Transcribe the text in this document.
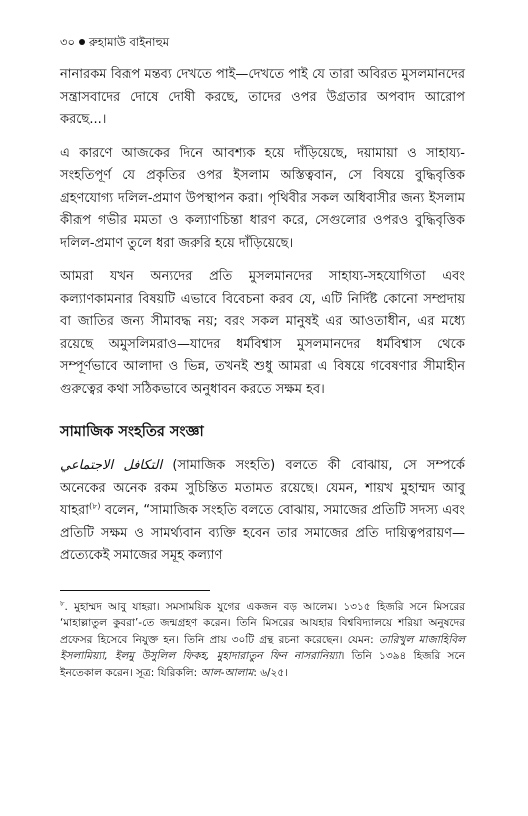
৩০ রুহামাউ বাইনাহুম

নানারকম বিরূপ মন্তব্য দেখতে পাই—দেখতে পাই যে তারা অবিরত মুসলমানদের সন্ত্রাসবাদের দোষে দোষী করছে, তাদের ওপর উগ্রতার অপবাদ আরোপ করছে...।

এ কারণে আজকের দিনে আবশ্যক হয়ে দাঁড়িয়েছে, দয়ামায়া ও সাহায্য-সংহতিপূর্ণ যে প্রকৃতির ওপর ইসলাম অস্তিত্ববান, সে বিষয়ে বুদ্ধিবৃত্তিক গ্রহণযোগ্য দলিল-প্রমাণ উপস্থাপন করা। পৃথিবীর সকল অধিবাসীর জন্য ইসলাম কীরূপ গভীর মমতা ও কল্যাণচিন্তা ধারণ করে, সেগুলোর ওপরও বুদ্ধিবৃত্তিক দলিল-প্রমাণ তুলে ধরা জরুরি হয়ে দাঁড়িয়েছে।

আমরা যখন অন্যদের প্রতি মুসলমানদের সাহায্য-সহযোগিতা এবং কল্যাণকামনার বিষয়টি এভাবে বিবেচনা করব যে, এটি নির্দিষ্ট কোনো সম্প্রদায় বা জাতির জন্য সীমাবদ্ধ নয়; বরং সকল মানুষই এর আওতাধীন, এর মধ্যে রয়েছে অমুসলিমরাও—যাদের ধর্মবিশ্বাস মুসলমানদের ধর্মবিশ্বাস থেকে সম্পূর্ণভাবে আলাদা ও ভিন্ন, তখনই শুধু আমরা এ বিষয়ে গবেষণার সীমাহীন গুরুত্বের কথা সঠিকভাবে অনুধাবন করতে সক্ষম হব।

সামাজিক সংহতির সংজ্ঞা

التكافل الاجتماعي (সামাজিক সংহতি) বলতে কী বোঝায়, সে সম্পর্কে অনেকের অনেক রকম সুচিন্তিত মতামত রয়েছে। যেমন, শায়খ মুহাম্মদ আবু যাহরা$^{(৮)}$ বলেন, “সামাজিক সংহতি বলতে বোঝায়, সমাজের প্রতিটি সদস্য এবং প্রতিটি সক্ষম ও সামর্থ্যবান ব্যক্তি হবেন তার সমাজের প্রতি দায়িত্বপরায়ণ—প্রত্যেকেই সমাজের সমূহ কল্যাণ

$^৮$. মুহাম্মদ আবু যাহরা। সমসাময়িক যুগের একজন বড় আলেম। ১৩১৫ হিজরি সনে মিসরের ‘মাহাল্লাতুল কুবরা’-তে জন্মগ্রহণ করেন। তিনি মিসরের আযহার বিশ্ববিদ্যালয়ে শরিয়া অনুষদের প্রফেসর হিসেবে নিযুক্ত হন। তিনি প্রায় ৩০টি গ্রন্থ রচনা করেছেন। যেমন: তারিখুল মাজাহিবিল ইসলামিয়্যা, ইলমু উসুলিল ফিকহ, মুহাদারাতুন ফিন নাসরানিয়্যা। তিনি ১৩৯৪ হিজরি সনে ইনতেকাল করেন। সূত্র: যিরিকলি: আল-আলাম: ৬/২৫।
